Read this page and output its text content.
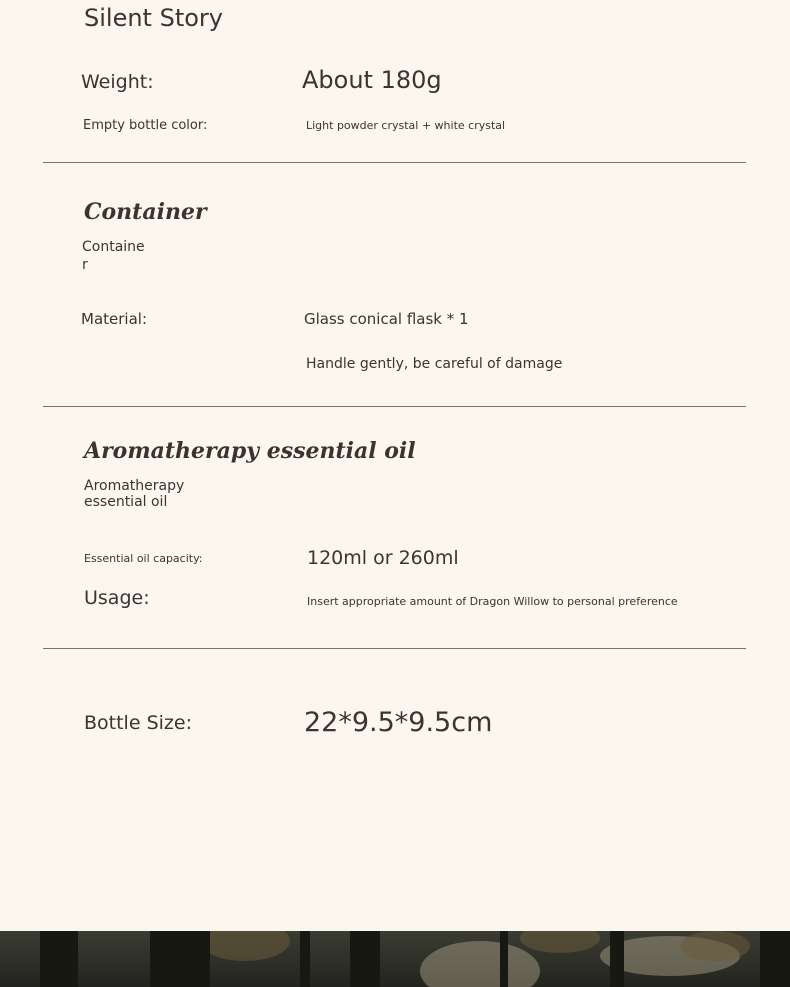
Silent Story
Weight:	About 180g
Empty bottle color:	Light powder crystal + white crystal
Container
Containe
r
Material:	Glass conical flask * 1
Handle gently, be careful of damage
Aromatherapy essential oil
Aromatherapy
essential oil
Essential oil capacity:	120ml or 260ml
Usage:	Insert appropriate amount of Dragon Willow to personal preference
Bottle Size:	22*9.5*9.5cm
